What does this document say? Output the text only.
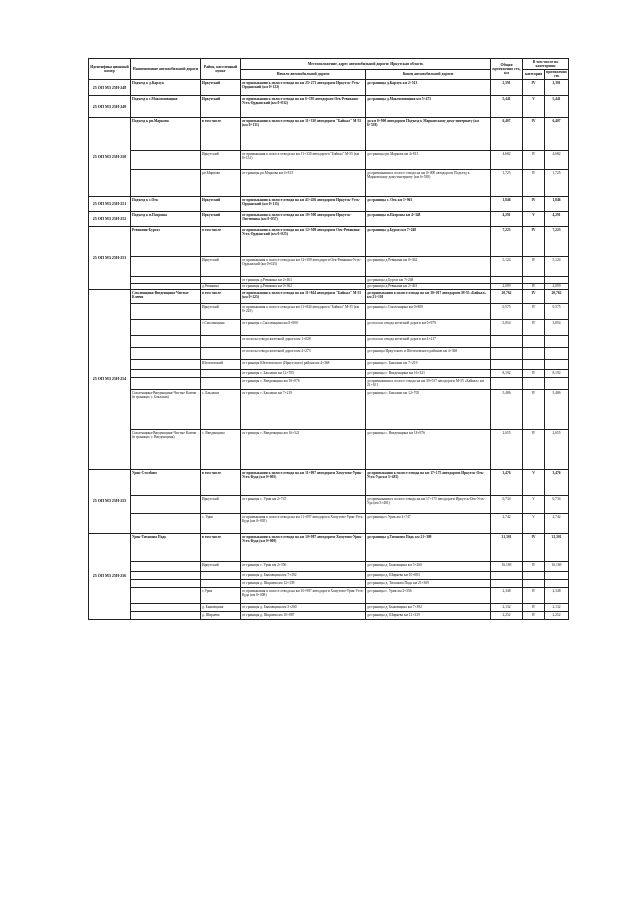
Идентифика ционный номер	Наименование автомобильной дороги	Район, населенный пункт	Местоположение, адрес автомобильной дороги: Иркутская область		Общая протяженно сть, км	В том числе по категориям	
			Начало автомобильной дороги	Конец автомобильной дороги		категория	протяженно сть
25 ОП МЗ 25Н-248	Подъезд к д.Карлук	Иркутский	от примыкания к полосе отвода на км 25+273 автодороги Иркутск-Усть-Ордынский (км 0+122)	до границы д.Карлук км 2+513	2,391	IV	2,391
25 ОП МЗ 25Н-249	Подъезд к с.Максимовщина	Иркутский	от примыкания к полосе отвода на км 6+195 автодороги Оек-Ревякина-Усть-Ордынский (км 0+032)	до границы д.Максимовщина км 5+473	5,441	V	5,441
25 ОП МЗ 25Н-250	Подъезд к рп.Маркова	в том числе	от примыкания к полосе отвода на км 11+330 автодороги "Байкал" М-55 (км 0+131)	до км 0+900 автодороги Подъезд к Марковскому дому-интернату (км 6+538)	6,407	IV	6,407
		Иркутский	от примыкания к полосе отвода на км 11+330 автодороги "Байкал" М-55 (км 0+131)	до границы рп.Маркова км 4+813	4,682	IV	4,682
		рп.Маркова	от границы рп.Маркова км 4+813	до примыкания к полосе отвода на км 0+000 автодороги Подъезд к Марковскому дому-интернату (км 6+538)	1,725	IV	1,725
25 ОП МЗ 25Н-251	Подъезд к с.Оек	Иркутский	от примыкания к полосе отвода на км 41+456 автодороги Иркутск-Усть-Ордынский (км 0+115)	до границы с. Оек км 1+961	1,846	IV	1,846
25 ОП МЗ 25Н-252	Подъезд к п.Патроны	Иркутский	от примыкания к полосе отвода на км 10+500 автодороги Иркутск-Листвянка (км 0+057)	до границы п.Патроны км 4+348	4,291	V	4,291
25 ОП МЗ 25Н-253	Ревякина-Бургаз	в том числе	от примыкания к полосе отвода на км 12+509 автодороги Оек-Ревякина-Усть-Ордынский (км 0+025)	до границы д.Бургаз км 7+248	7,223	IV	7,223
		Иркутский	от примыкания к полосе отвода на км 12+509 автодороги Оек-Ревякина-Усть-Ордынский (км 0+025)	до границы д.Ревякина км 0+362	5,124	IV	5,124
			от границы д.Ревякина км 2+461	до границы д.Бургаз км 7+248			
		д.Ревякина	от границы д.Ревякина км 0+362	до границы д.Ревякина км 2+461	2,099	IV	2,099
25 ОП МЗ 25Н-254	Смоленщина-Введенщина-Чистые Ключи	в том числе	от примыкания к полосе отвода на км 11+844 автодороги "Байкал" М-55 (км 0+225)	до примыкания к полосе отвода на км 30+017 автодороги М-55 «Байкал» км 21+101	20,762	IV	20,762
		Иркутский	от примыкания к полосе отвода на км 11+844 автодороги "Байкал" М-55 (км 0+225)	до границы с.Смоленщина км 0+800	0,575	IV	0,575
		с.Смоленщина	от границы с.Смоленщина км 0+800	до полосы отвода железной дороги км 0+979	3,854	IV	3,854
			от полосы отвода железной дороги км 1+028	до полосы отвода железной дороги км 4+217			
			от полосы отвода железной дороги км 4+273	до границы Иркутского и Шелеховского районов км 4+368			
		Шелеховский	от границы Шелеховского (Иркутского) района км 4+368	до границы с. Баклаши км 7+219			
			от границы с. Баклаши км 12+705	до границы с. Введенщина км 16+321	8,192	IV	8,192
			от границы с. Введенщина км 18+976	до примыкания к полосе отвода на км 30+017 автодороги М-55 «Байкал» км 21+101			
	Смоленщина-Введенщина-Чистые Ключи (в границах с. Баклаши)	с. Баклаши	от границы с. Баклаши км 7+219	до границы с. Баклаши км 12+705	5,486	IV	5,486
	Смоленщина-Введенщина-Чистые Ключи (в границах с. Введенщина)	с. Введенщина	от границы с. Введенщина км 16+321	до границы с. Введенщина км 18+976	2,655	IV	2,655
25 ОП МЗ 25Н-255	Урик-Столбово	в том числе	от примыкания к полосе отвода на км 11+097 автодороги Хомутово-Урик-Усть-Куда (км 0+005)	до примыкания к полосе отвода на км 17+175 автодороги Иркутск-Оек-Усть-Уда км 3+481)	3,476	V	3,476
		Иркутский	от границы с. Урик км 2+747	до примыкания к полосе отвода на км 17+175 автодороги Иркутск-Оек-Усть-Уда (км 3+481)	0,734	V	0,734
		с. Урик	от примыкания к полосе отвода на км 11+097 автодороги Хомутово-Урик-Усть-Куда (км 0+005)	до границы с.Урик км 2+747	2,742	V	2,742
25 ОП МЗ 25Н-256	Урик-Тихонова Падь	в том числе	от примыкания к полосе отвода на км 10+987 автодороги Хомутово-Урик-Усть-Куда (км 0+008)	до границы д.Тихонова Падь км 21+309	21,301	IV	21,301
		Иркутский	от границы с. Урик км 2+356	до границы д. Быковщина км 5+260	16,169	IV	16,169
			от границы д. Быковщина км 7+392	до границы д. Ширяева км 10+083			
			от границы д. Ширяева км 12+339	до границы д. Тихонова Падь км 21+309			
		с.Урик	от примыкания к полосе отвода на км 10+987 автодороги Хомутово-Урик-Усть-Куда (км 0+008)	до границы с. Урик км 2+356	2,348	IV	2,348
		д. Быковщина	от границы д. Быковщина км 5+260	до границы д. Быковщина км 7+392	2,132	IV	2,132
		д. Ширяева	от границы д. Ширяева км 10+087	до границы д. Ширяева км 12+339	2,252	IV	2,252
